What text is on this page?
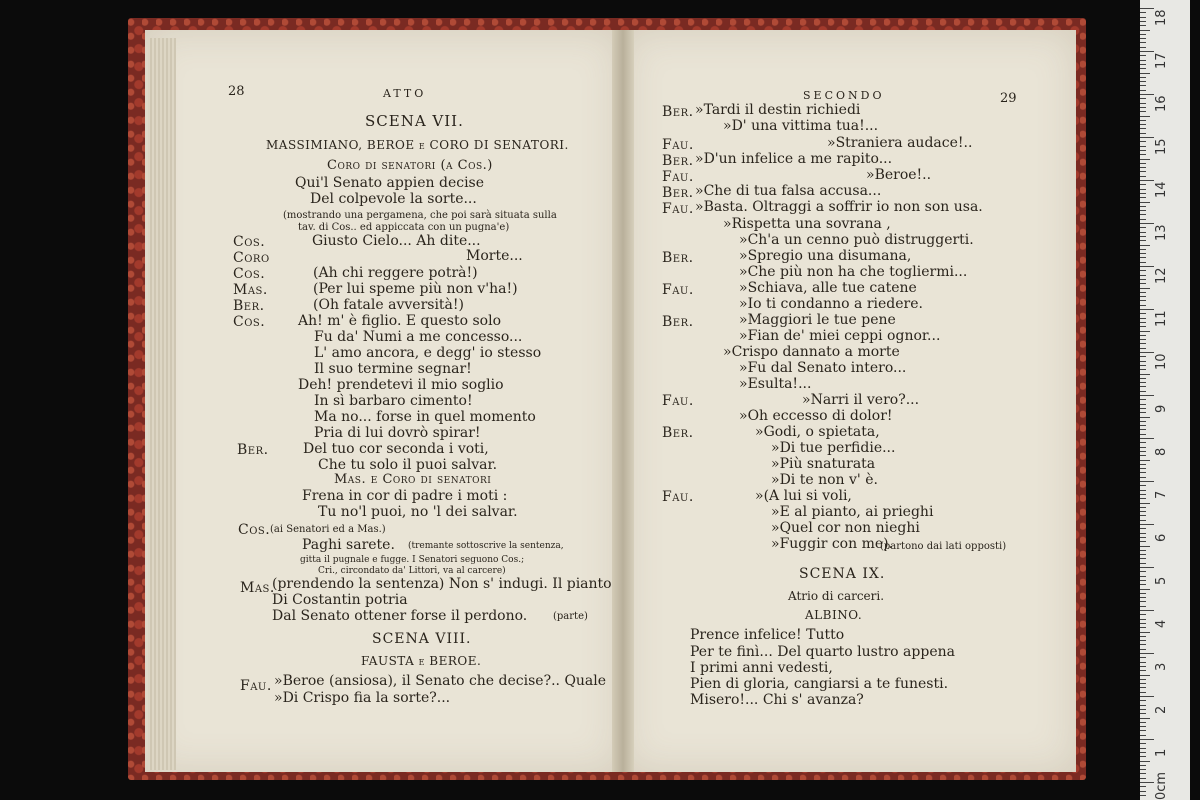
28	ATTO
SCENA VII.
MASSIMIANO, BEROE e CORO DI SENATORI.
Coro di senatori (a Cos.)
Qui'l Senato appien decise
Del colpevole la sorte...
(mostrando una pergamena, che poi sarà situata sulla
tav. di Cos.. ed appiccata con un pugna'e)
Cos.	Giusto Cielo... Ah dite...
Coro	Morte...
Cos.	(Ah chi reggere potrà!)
Mas.	(Per lui speme più non v'ha!)
Ber.	(Oh fatale avversità!)
Cos. Ah! m' è figlio. E questo solo
Fu da' Numi a me concesso...
L' amo ancora, e degg' io stesso
Il suo termine segnar!
Deh! prendetevi il mio soglio
In sì barbaro cimento!
Ma no... forse in quel momento
Pria di lui dovrò spirar!
Ber. Del tuo cor seconda i voti,
Che tu solo il puoi salvar.
Mas. e Coro di senatori
Frena in cor di padre i moti :
Tu no'l puoi, no 'l dei salvar.
Cos. (ai Senatori ed a Mas.)
Paghi sarete. (tremante sottoscrive la sentenza,
gitta il pugnale e fugge. I Senatori seguono Cos.;
Cri., circondato da' Littori, va al carcere)
Mas.
(prendendo la sentenza) Non s' indugi. Il pianto
Di Costantin potria
Dal Senato ottener forse il perdono.	(parte)
SCENA VIII.
FAUSTA e BEROE.
Fau. »Beroe (ansiosa), il Senato che decise?.. Quale
»Di Crispo fia la sorte?...
SECONDO	29
Ber. »Tardi il destin richiedi
»D' una vittima tua!...
Fau.	»Straniera audace!..
Ber. »D'un infelice a me rapito...
Fau.	»Beroe!..
Ber. »Che di tua falsa accusa...
Fau. »Basta. Oltraggi a soffrir io non son usa.
»Rispetta una sovrana ,
»Ch'a un cenno può distruggerti.
Ber.	»Spregio una disumana,
»Che più non ha che togliermi...
Fau.	»Schiava, alle tue catene
»Io ti condanno a riedere.
Ber.	»Maggiori le tue pene
»Fian de' miei ceppi ognor...
»Crispo dannato a morte
»Fu dal Senato intero...
»Esulta!...
Fau.	»Narri il vero?...
»Oh eccesso di dolor!
Ber.	»Godi, o spietata,
»Di tue perfidie...
»Più snaturata
»Di te non v' è.
Fau.	»(A lui si voli,
»E al pianto, ai prieghi
»Quel cor non nieghi
»Fuggir con me).
(partono dai lati opposti)
SCENA IX.
Atrio di carceri.
ALBINO.
Prence infelice! Tutto
Per te finì... Del quarto lustro appena
I primi anni vedesti,
Pien di gloria, cangiarsi a te funesti.
Misero!... Chi s' avanza?
18
17
16
15
14
13
12
11
10
9
8
7
6
5
4
3
2
1
0cm
